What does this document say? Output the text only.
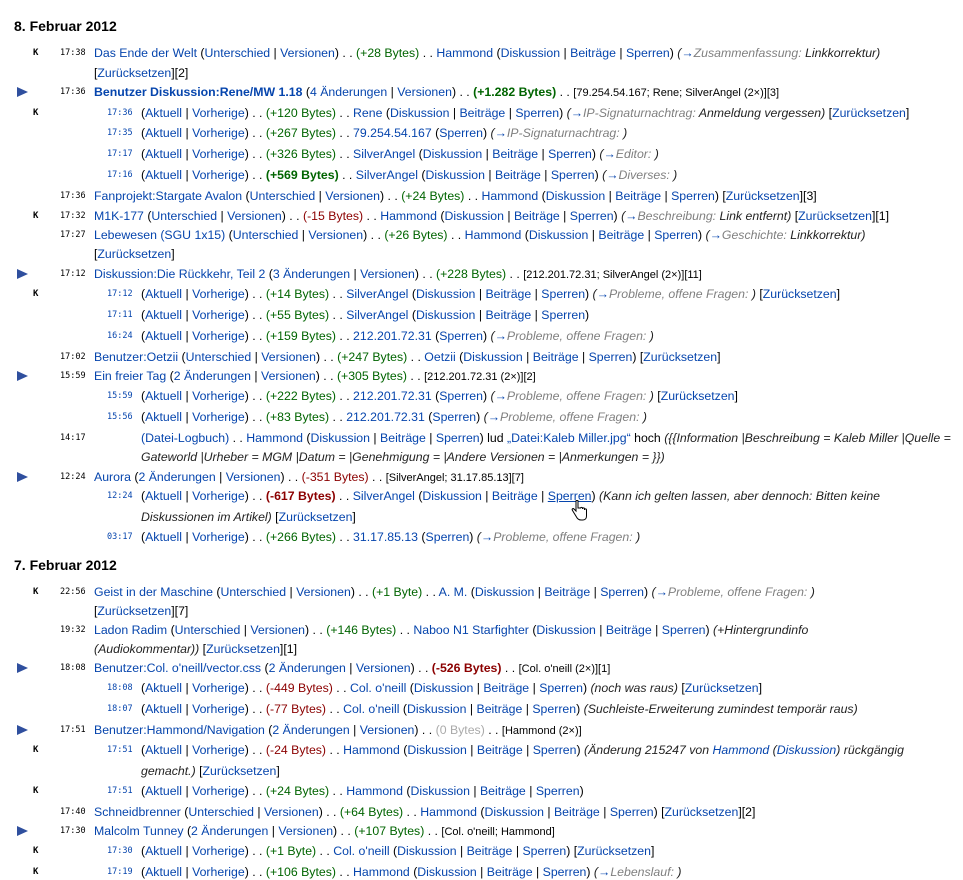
8. Februar 2012
K	17:38 Das Ende der Welt (Unterschied | Versionen) . . (+28 Bytes) . . Hammond (Diskussion | Beiträge | Sperren) (→Zusammenfassung: Linkkorrektur)
[Zurücksetzen][2]
17:36 Benutzer Diskussion:Rene/MW 1.18 (4 Änderungen | Versionen) . . (+1.282 Bytes) . . [79.254.54.167; Rene; SilverAngel (2×)][3]
K	17:36 (Aktuell | Vorherige) . . (+120 Bytes) . . Rene (Diskussion | Beiträge | Sperren) (→IP-Signaturnachtrag: Anmeldung vergessen) [Zurücksetzen]
17:35 (Aktuell | Vorherige) . . (+267 Bytes) . . 79.254.54.167 (Sperren) (→IP-Signaturnachtrag: )
17:17 (Aktuell | Vorherige) . . (+326 Bytes) . . SilverAngel (Diskussion | Beiträge | Sperren) (→Editor: )
17:16 (Aktuell | Vorherige) . . (+569 Bytes) . . SilverAngel (Diskussion | Beiträge | Sperren) (→Diverses: )
17:36 Fanprojekt:Stargate Avalon (Unterschied | Versionen) . . (+24 Bytes) . . Hammond (Diskussion | Beiträge | Sperren) [Zurücksetzen][3]
K	17:32 M1K-177 (Unterschied | Versionen) . . (-15 Bytes) . . Hammond (Diskussion | Beiträge | Sperren) (→Beschreibung: Link entfernt) [Zurücksetzen][1]
17:27 Lebewesen (SGU 1x15) (Unterschied | Versionen) . . (+26 Bytes) . . Hammond (Diskussion | Beiträge | Sperren) (→Geschichte: Linkkorrektur)
[Zurücksetzen]
17:12 Diskussion:Die Rückkehr, Teil 2 (3 Änderungen | Versionen) . . (+228 Bytes) . . [212.201.72.31; SilverAngel (2×)][11]
K	17:12 (Aktuell | Vorherige) . . (+14 Bytes) . . SilverAngel (Diskussion | Beiträge | Sperren) (→Probleme, offene Fragen: ) [Zurücksetzen]
17:11 (Aktuell | Vorherige) . . (+55 Bytes) . . SilverAngel (Diskussion | Beiträge | Sperren)
16:24 (Aktuell | Vorherige) . . (+159 Bytes) . . 212.201.72.31 (Sperren) (→Probleme, offene Fragen: )
17:02 Benutzer:Oetzii (Unterschied | Versionen) . . (+247 Bytes) . . Oetzii (Diskussion | Beiträge | Sperren) [Zurücksetzen]
15:59 Ein freier Tag (2 Änderungen | Versionen) . . (+305 Bytes) . . [212.201.72.31 (2×)][2]
15:59 (Aktuell | Vorherige) . . (+222 Bytes) . . 212.201.72.31 (Sperren) (→Probleme, offene Fragen: ) [Zurücksetzen]
15:56 (Aktuell | Vorherige) . . (+83 Bytes) . . 212.201.72.31 (Sperren) (→Probleme, offene Fragen: )
14:17	(Datei-Logbuch) . . Hammond (Diskussion | Beiträge | Sperren) lud „Datei:Kaleb Miller.jpg“ hoch ({{Information |Beschreibung = Kaleb Miller |Quelle =
Gateworld |Urheber = MGM |Datum = |Genehmigung = |Andere Versionen = |Anmerkungen = }})
12:24 Aurora (2 Änderungen | Versionen) . . (-351 Bytes) . . [SilverAngel; 31.17.85.13][7]
12:24 (Aktuell | Vorherige) . . (-617 Bytes) . . SilverAngel (Diskussion | Beiträge | Sperren) (Kann ich gelten lassen, aber dennoch: Bitten keine
Diskussionen im Artikel) [Zurücksetzen]
03:17 (Aktuell | Vorherige) . . (+266 Bytes) . . 31.17.85.13 (Sperren) (→Probleme, offene Fragen: )
7. Februar 2012
K	22:56 Geist in der Maschine (Unterschied | Versionen) . . (+1 Byte) . . A. M. (Diskussion | Beiträge | Sperren) (→Probleme, offene Fragen: )
[Zurücksetzen][7]
19:32 Ladon Radim (Unterschied | Versionen) . . (+146 Bytes) . . Naboo N1 Starfighter (Diskussion | Beiträge | Sperren) (+Hintergrundinfo
(Audiokommentar)) [Zurücksetzen][1]
18:08 Benutzer:Col. o'neill/vector.css (2 Änderungen | Versionen) . . (-526 Bytes) . . [Col. o'neill (2×)][1]
18:08 (Aktuell | Vorherige) . . (-449 Bytes) . . Col. o'neill (Diskussion | Beiträge | Sperren) (noch was raus) [Zurücksetzen]
18:07 (Aktuell | Vorherige) . . (-77 Bytes) . . Col. o'neill (Diskussion | Beiträge | Sperren) (Suchleiste-Erweiterung zumindest temporär raus)
17:51 Benutzer:Hammond/Navigation (2 Änderungen | Versionen) . . (0 Bytes) . . [Hammond (2×)]
K	17:51 (Aktuell | Vorherige) . . (-24 Bytes) . . Hammond (Diskussion | Beiträge | Sperren) (Änderung 215247 von Hammond (Diskussion) rückgängig
gemacht.) [Zurücksetzen]
K	17:51 (Aktuell | Vorherige) . . (+24 Bytes) . . Hammond (Diskussion | Beiträge | Sperren)
17:40 Schneidbrenner (Unterschied | Versionen) . . (+64 Bytes) . . Hammond (Diskussion | Beiträge | Sperren) [Zurücksetzen][2]
17:30 Malcolm Tunney (2 Änderungen | Versionen) . . (+107 Bytes) . . [Col. o'neill; Hammond]
K	17:30 (Aktuell | Vorherige) . . (+1 Byte) . . Col. o'neill (Diskussion | Beiträge | Sperren) [Zurücksetzen]
K	17:19 (Aktuell | Vorherige) . . (+106 Bytes) . . Hammond (Diskussion | Beiträge | Sperren) (→Lebenslauf: )
